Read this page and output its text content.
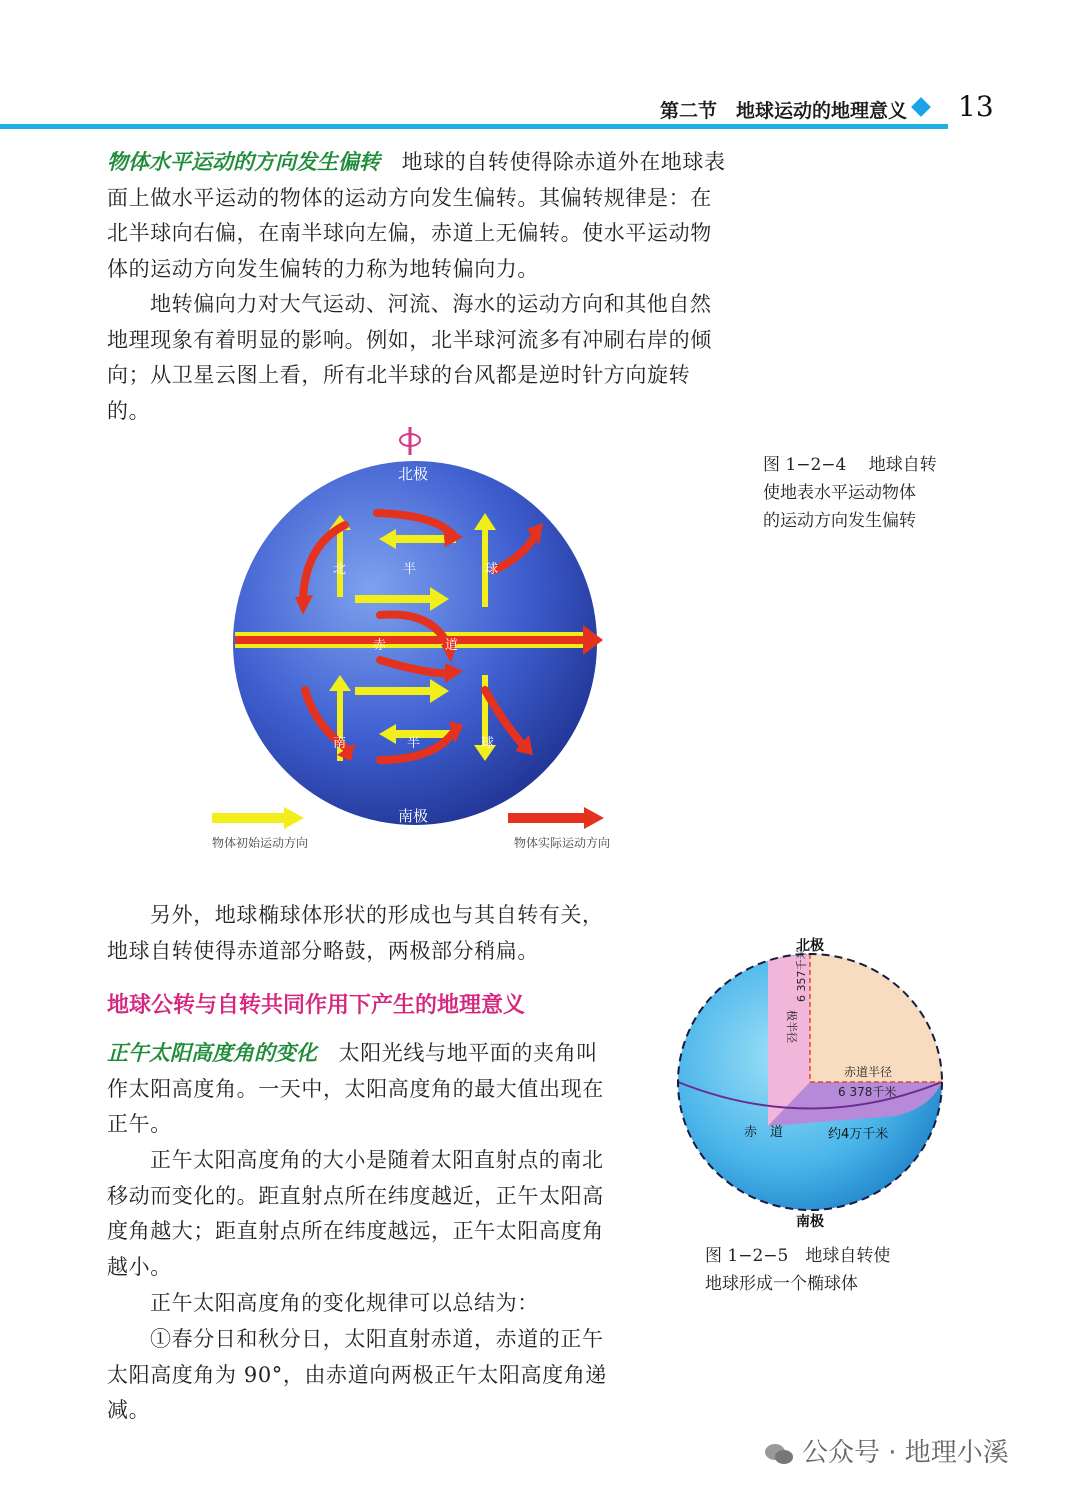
第二节　地球运动的地理意义 13
物体水平运动的方向发生偏转　地球的自转使得除赤道外在地球表面上做水平运动的物体的运动方向发生偏转。其偏转规律是：在北半球向右偏，在南半球向左偏，赤道上无偏转。使水平运动物体的运动方向发生偏转的力称为地转偏向力。
地转偏向力对大气运动、河流、海水的运动方向和其他自然地理现象有着明显的影响。例如，北半球河流多有冲刷右岸的倾向；从卫星云图上看，所有北半球的台风都是逆时针方向旋转的。
北极
南极
北	半	球
赤	道
南	半	球
物体初始运动方向	物体实际运动方向
图 1−2−4　 地球自转
使地表水平运动物体
的运动方向发生偏转
另外，地球椭球体形状的形成也与其自转有关，
地球自转使得赤道部分略鼓，两极部分稍扁。
地球公转与自转共同作用下产生的地理意义
正午太阳高度角的变化　太阳光线与地平面的夹角叫作太阳高度角。一天中，太阳高度角的最大值出现在正午。
正午太阳高度角的大小是随着太阳直射点的南北移动而变化的。距直射点所在纬度越近，正午太阳高度角越大；距直射点所在纬度越远，正午太阳高度角越小。
正午太阳高度角的变化规律可以总结为：
①春分日和秋分日，太阳直射赤道，赤道的正午太阳高度角为 90°，由赤道向两极正午太阳高度角递减。
北极
南极
极半径
6 357千米
赤道半径
6 378千米
赤　道	约4万千米
图 1−2−5　地球自转使
地球形成一个椭球体
公众号 · 地理小溪
